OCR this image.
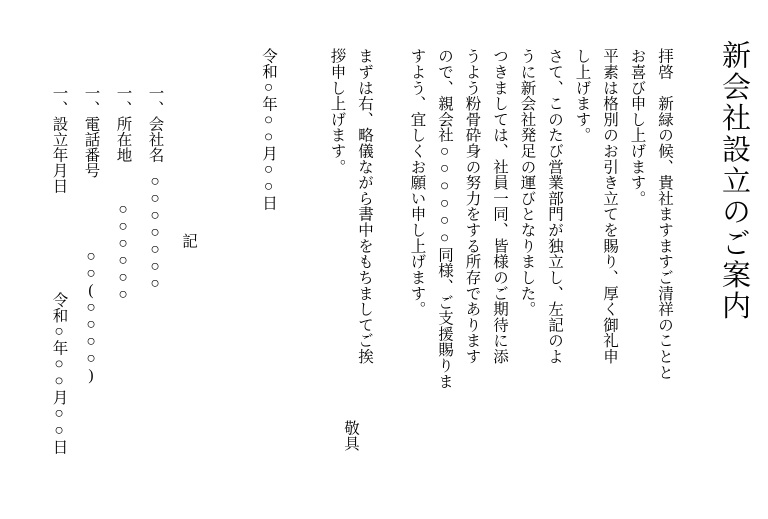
新会社設立のご案内
すよう、宜しくお願い申し上げます。 ので、親会社○○○○○○同様、ご支援賜りま うよう粉骨砕身の努力をする所存であります つきましては、社員一同、皆様のご期待に添 うに新会社発足の運びとなりました。 さて、このたび営業部門が独立し、左記のよ し上げます。 平素は格別のお引き立てを賜り、厚く御礼申 お喜び申し上げます。 拝啓　新緑の候、貴社ますますご清祥のことと
拶申し上げます。 まずは右、略儀ながら書中をもちましてご挨
敬具
令和○年○○月○○日
記
一、
設立年月日
令和○年○○月○○日
一、
電話番号
○○(○○○○)
一、
所在地
○○○○○○
一、
会社名
○○○○○○○
